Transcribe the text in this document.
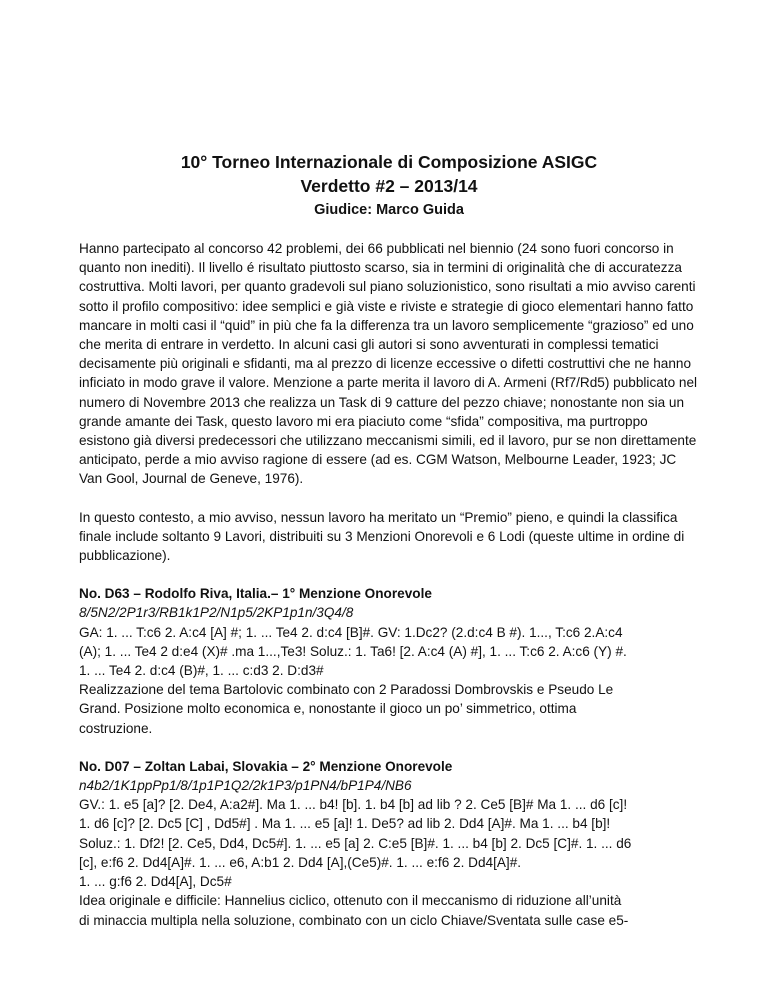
10° Torneo Internazionale di Composizione ASIGC
Verdetto #2 – 2013/14
Giudice: Marco Guida

Hanno partecipato al concorso 42 problemi, dei 66 pubblicati nel biennio (24 sono fuori concorso in quanto non inediti). Il livello é risultato piuttosto scarso, sia in termini di originalità che di accuratezza costruttiva. Molti lavori, per quanto gradevoli sul piano soluzionistico, sono risultati a mio avviso carenti sotto il profilo compositivo: idee semplici e già viste e riviste e strategie di gioco elementari hanno fatto mancare in molti casi il “quid” in più che fa la differenza tra un lavoro semplicemente “grazioso” ed uno che merita di entrare in verdetto. In alcuni casi gli autori si sono avventurati in complessi tematici decisamente più originali e sfidanti, ma al prezzo di licenze eccessive o difetti costruttivi che ne hanno inficiato in modo grave il valore. Menzione a parte merita il lavoro di A. Armeni (Rf7/Rd5) pubblicato nel numero di Novembre 2013 che realizza un Task di 9 catture del pezzo chiave; nonostante non sia un grande amante dei Task, questo lavoro mi era piaciuto come “sfida” compositiva, ma purtroppo esistono già diversi predecessori che utilizzano meccanismi simili, ed il lavoro, pur se non direttamente anticipato, perde a mio avviso ragione di essere (ad es. CGM Watson, Melbourne Leader, 1923; JC Van Gool, Journal de Geneve, 1976).

In questo contesto, a mio avviso, nessun lavoro ha meritato un “Premio” pieno, e quindi la classifica finale include soltanto 9 Lavori, distribuiti su 3 Menzioni Onorevoli e 6 Lodi (queste ultime in ordine di pubblicazione).

No. D63 – Rodolfo Riva, Italia.– 1° Menzione Onorevole
8/5N2/2P1r3/RB1k1P2/N1p5/2KP1p1n/3Q4/8
GA: 1. ... T:c6 2. A:c4 [A] #; 1. ... Te4 2. d:c4 [B]#. GV: 1.Dc2? (2.d:c4 B #). 1..., T:c6 2.A:c4
(A); 1. ... Te4 2 d:e4 (X)# .ma 1...,Te3! Soluz.: 1. Ta6! [2. A:c4 (A) #], 1. ... T:c6 2. A:c6 (Y) #.
1. ... Te4 2. d:c4 (B)#, 1. ... c:d3 2. D:d3#
Realizzazione del tema Bartolovic combinato con 2 Paradossi Dombrovskis e Pseudo Le
Grand. Posizione molto economica e, nonostante il gioco un po’ simmetrico, ottima
costruzione.
No. D07 – Zoltan Labai, Slovakia – 2° Menzione Onorevole
n4b2/1K1ppPp1/8/1p1P1Q2/2k1P3/p1PN4/bP1P4/NB6
GV.: 1. e5 [a]? [2. De4, A:a2#]. Ma 1. ... b4! [b]. 1. b4 [b] ad lib ? 2. Ce5 [B]# Ma 1. ... d6 [c]!
1. d6 [c]? [2. Dc5 [C] , Dd5#] . Ma 1. ... e5 [a]! 1. De5? ad lib 2. Dd4 [A]#. Ma 1. ... b4 [b]!
Soluz.: 1. Df2! [2. Ce5, Dd4, Dc5#]. 1. ... e5 [a] 2. C:e5 [B]#. 1. ... b4 [b] 2. Dc5 [C]#. 1. ... d6
[c], e:f6 2. Dd4[A]#. 1. ... e6, A:b1 2. Dd4 [A],(Ce5)#. 1. ... e:f6 2. Dd4[A]#.
1. ... g:f6 2. Dd4[A], Dc5#
Idea originale e difficile: Hannelius ciclico, ottenuto con il meccanismo di riduzione all’unità
di minaccia multipla nella soluzione, combinato con un ciclo Chiave/Sventata sulle case e5-
